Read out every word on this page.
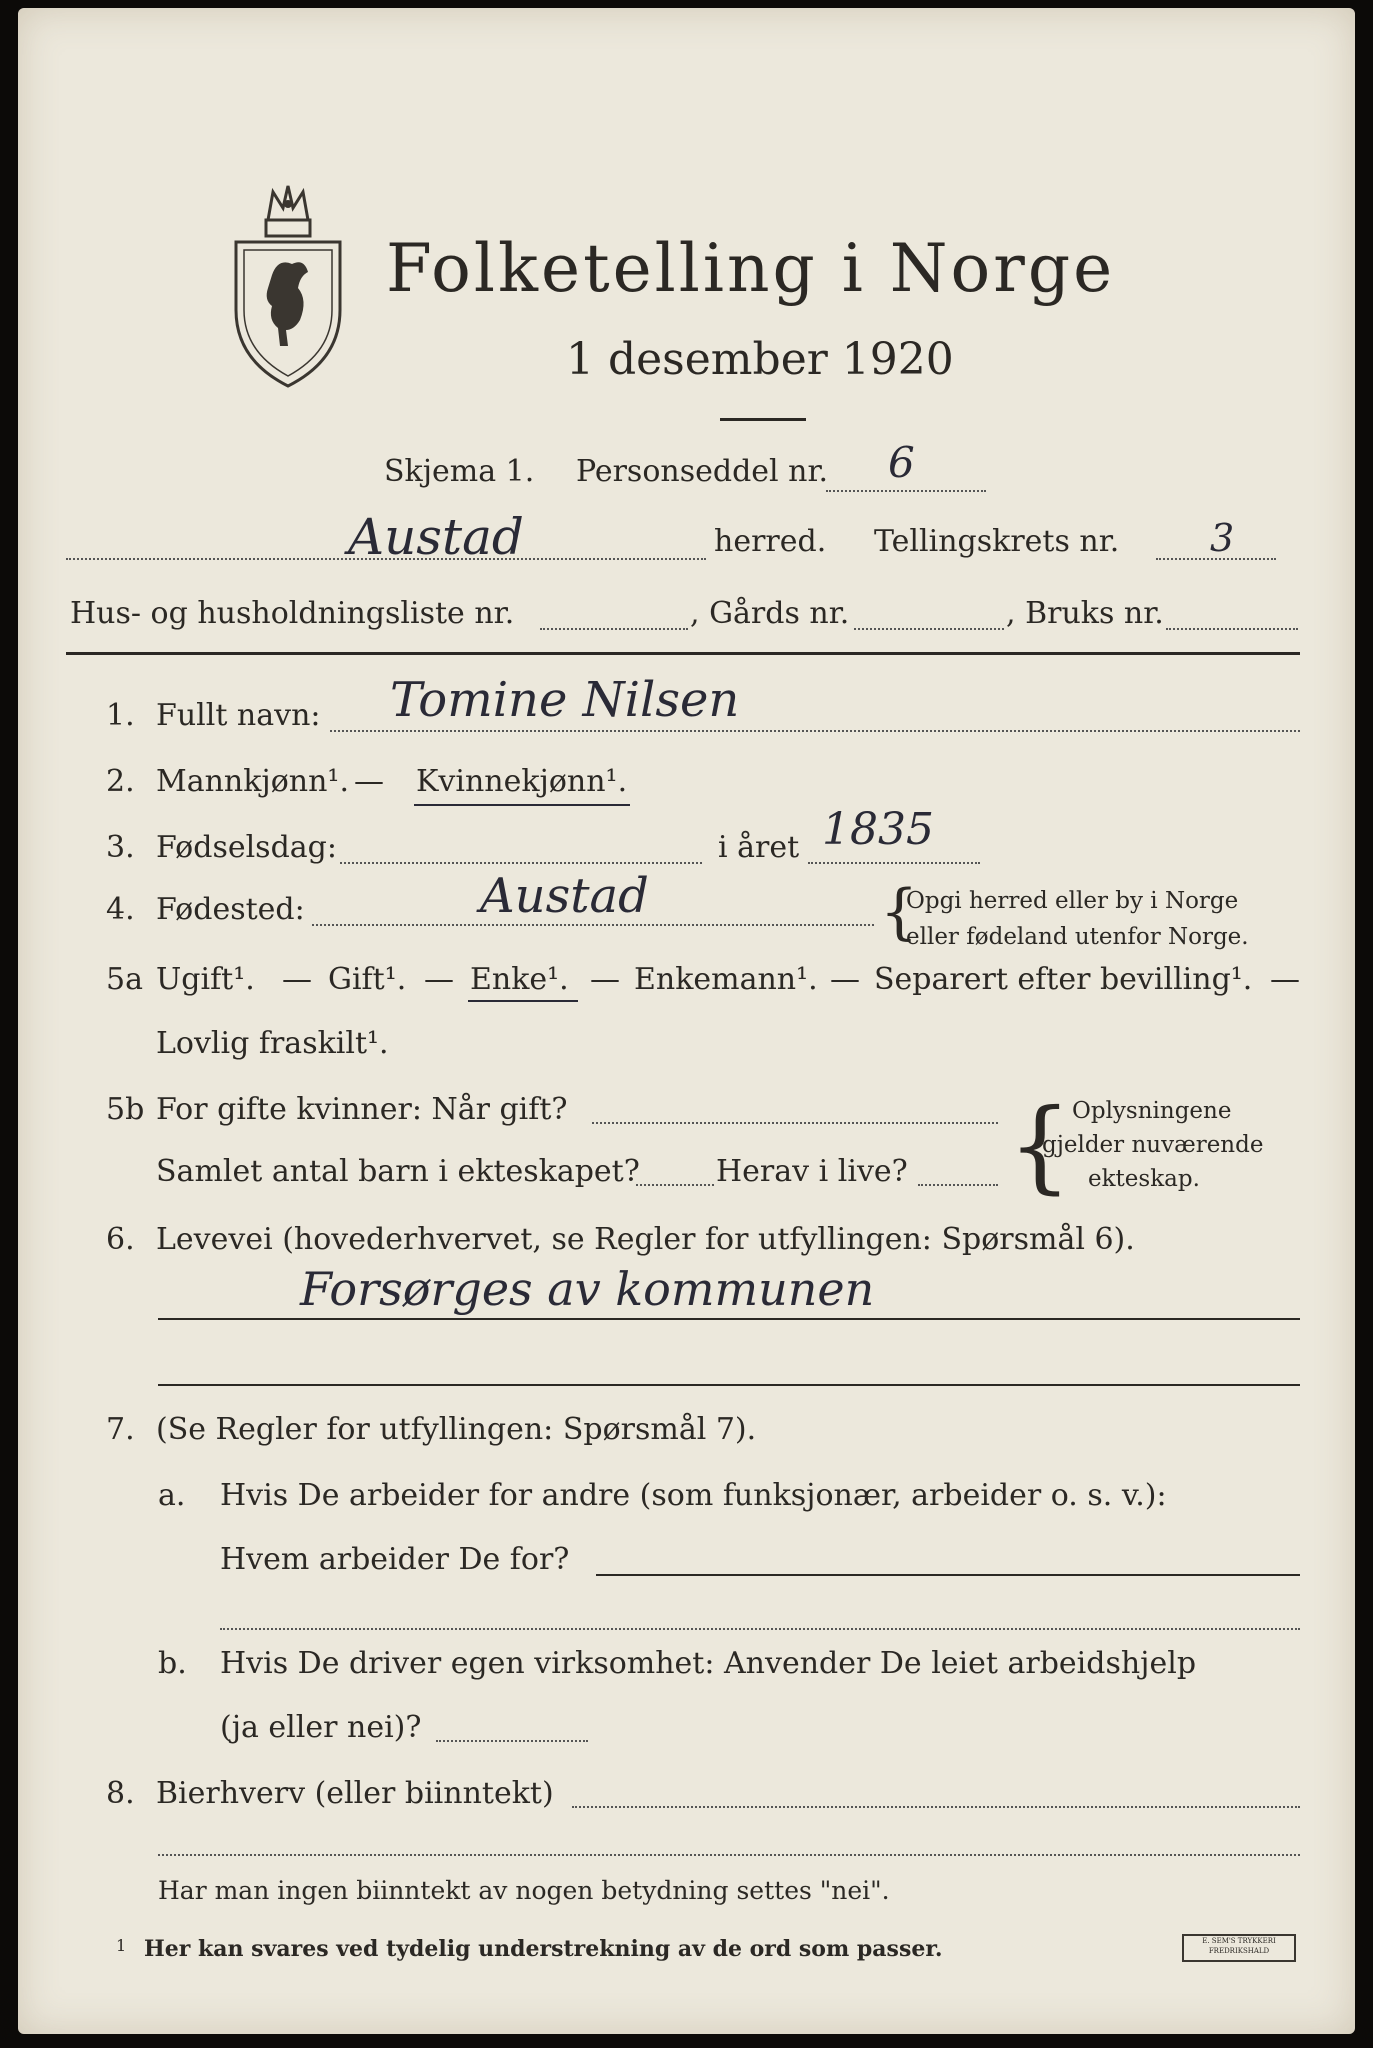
Folketelling i Norge
1 desember 1920
Skjema 1. Personseddel nr. 6
Austad	herred. Tellingskrets nr. 3
Hus- og husholdningsliste nr.	, Gårds nr.	, Bruks nr.
1. Fullt navn: Tomine Nilsen
2. Mannkjønn¹. — Kvinnekjønn¹.
3. Fødselsdag:	i året 1835
4. Fødested:	Austad	{
Opgi herred eller by i Norge
eller fødeland utenfor Norge.
5a Ugift¹. — Gift¹. — Enke¹. — Enkemann¹. — Separert efter bevilling¹. —
Lovlig fraskilt¹.
5b For gifte kvinner: Når gift?
Samlet antal barn i ekteskapet?	Herav i live? { Oplysningene
gjelder nuværende
ekteskap.
6. Levevei (hovederhvervet, se Regler for utfyllingen: Spørsmål 6).
Forsørges av kommunen
7. (Se Regler for utfyllingen: Spørsmål 7).
a. Hvis De arbeider for andre (som funksjonær, arbeider o. s. v.):
Hvem arbeider De for?
b. Hvis De driver egen virksomhet: Anvender De leiet arbeidshjelp
(ja eller nei)?
8. Bierhverv (eller biinntekt)
Har man ingen biinntekt av nogen betydning settes "nei".
1 Her kan svares ved tydelig understrekning av de ord som passer.	E. SEM'S TRYKKERI FREDRIKSHALD
